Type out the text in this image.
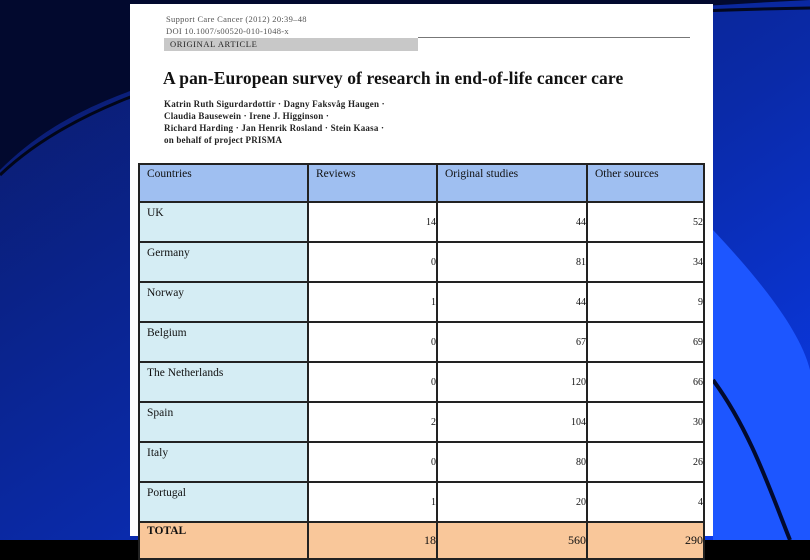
Support Care Cancer (2012) 20:39–48
DOI 10.1007/s00520-010-1048-x
ORIGINAL ARTICLE
A pan-European survey of research in end-of-life cancer care
Katrin Ruth Sigurdardottir · Dagny Faksvåg Haugen ·
Claudia Bausewein · Irene J. Higginson ·
Richard Harding · Jan Henrik Rosland · Stein Kaasa ·
on behalf of project PRISMA
Countries	Reviews	Original studies	Other sources
UK	14	44	52
Germany	0	81	34
Norway	1	44	9
Belgium	0	67	69
The Netherlands	0	120	66
Spain	2	104	30
Italy	0	80	26
Portugal	1	20	4
TOTAL	18	560	290
